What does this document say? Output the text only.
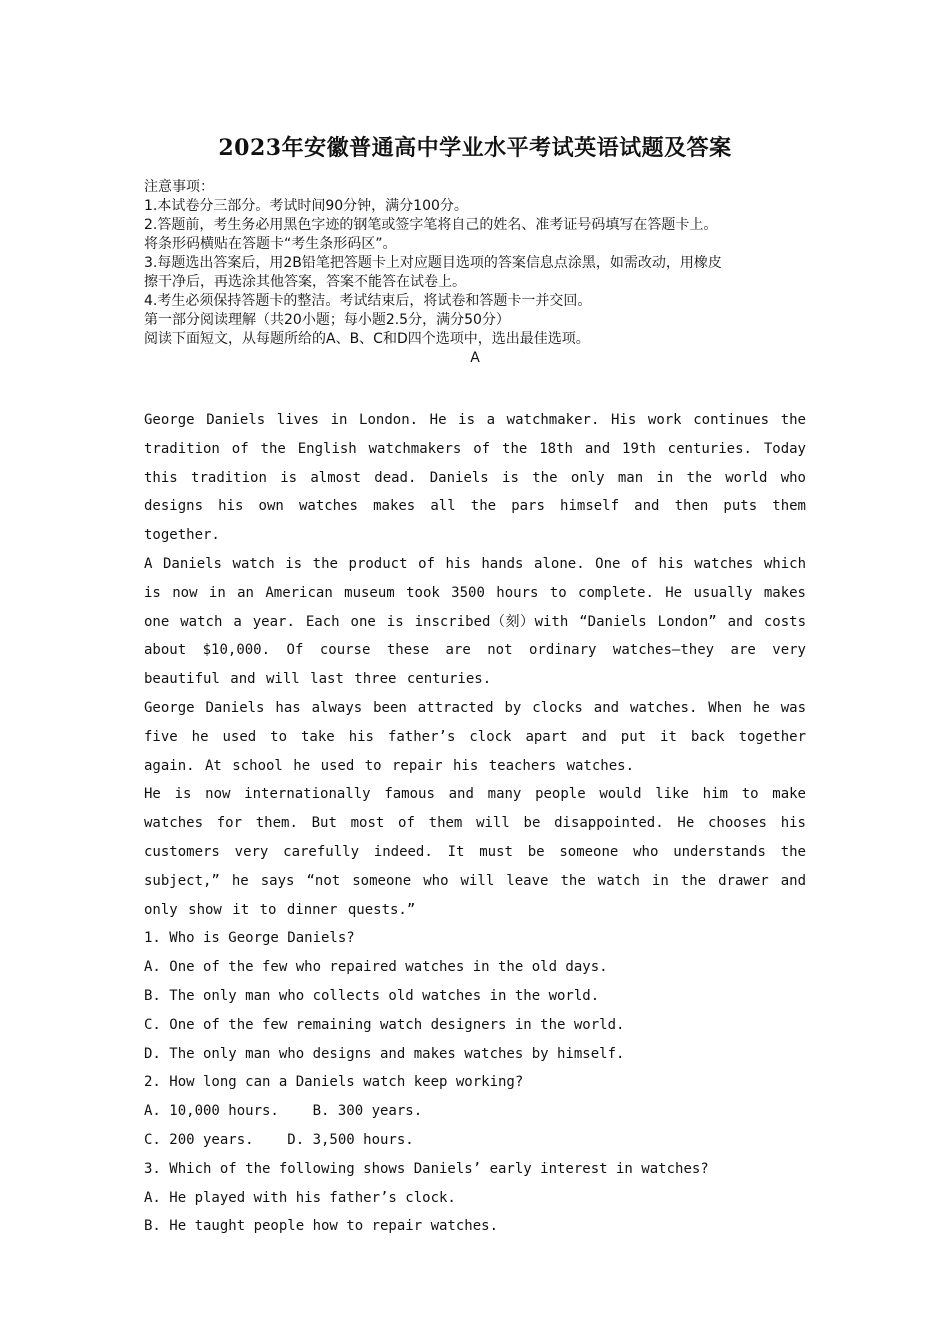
2023年安徽普通高中学业水平考试英语试题及答案
注意事项：
1.本试卷分三部分。考试时间90分钟，满分100分。
2.答题前，考生务必用黑色字迹的钢笔或签字笔将自己的姓名、准考证号码填写在答题卡上。
将条形码横贴在答题卡“考生条形码区”。
3.每题选出答案后，用2B铅笔把答题卡上对应题目选项的答案信息点涂黑，如需改动，用橡皮
擦干净后，再选涂其他答案，答案不能答在试卷上。
4.考生必须保持答题卡的整洁。考试结束后，将试卷和答题卡一并交回。
第一部分阅读理解（共20小题；每小题2.5分，满分50分）
阅读下面短文，从每题所给的A、B、C和D四个选项中，选出最佳选项。
A
George Daniels lives in London. He is a watchmaker. His work continues the tradition of the English watchmakers of the 18th and 19th centuries. Today this tradition is almost dead. Daniels is the only man in the world who designs his own watches makes all the pars himself and then puts them together.
A Daniels watch is the product of his hands alone. One of his watches which is now in an American museum took 3500 hours to complete. He usually makes one watch a year. Each one is inscribed（刻）with “Daniels London” and costs about $10,000. Of course these are not ordinary watches—they are very beautiful and will last three centuries.
George Daniels has always been attracted by clocks and watches. When he was five he used to take his father’s clock apart and put it back together again. At school he used to repair his teachers watches.
He is now internationally famous and many people would like him to make watches for them. But most of them will be disappointed. He chooses his customers very carefully indeed. It must be someone who understands the subject,” he says “not someone who will leave the watch in the drawer and only show it to dinner quests.”
1. Who is George Daniels?
A. One of the few who repaired watches in the old days.
B. The only man who collects old watches in the world.
C. One of the few remaining watch designers in the world.
D. The only man who designs and makes watches by himself.
2. How long can a Daniels watch keep working?
A. 10,000 hours.    B. 300 years.
C. 200 years.    D. 3,500 hours.
3. Which of the following shows Daniels’ early interest in watches?
A. He played with his father’s clock.
B. He taught people how to repair watches.
